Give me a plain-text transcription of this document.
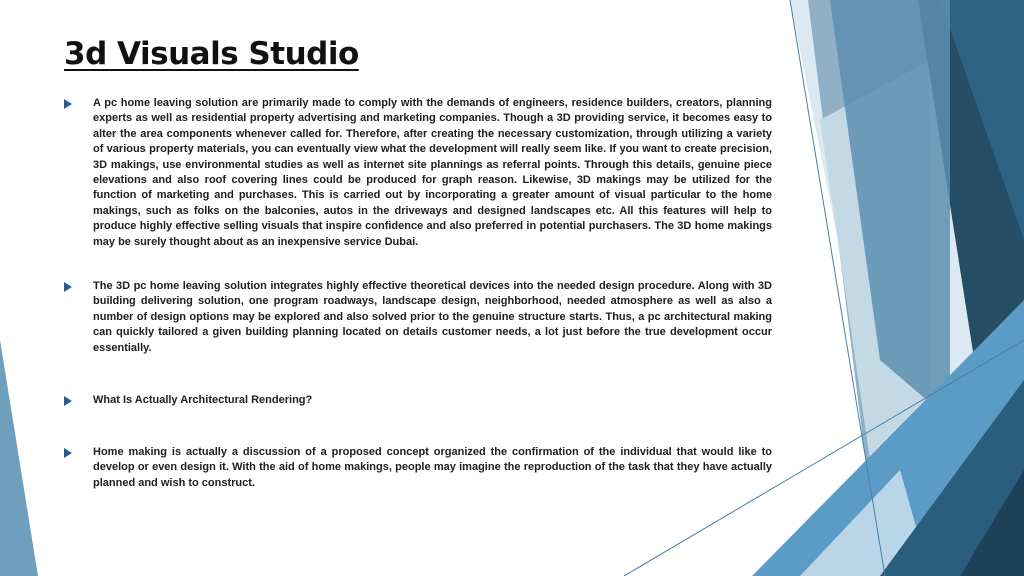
3d Visuals Studio
A pc home leaving solution are primarily made to comply with the demands of engineers, residence builders, creators, planning experts as well as residential property advertising and marketing companies. Though a 3D providing service, it becomes easy to alter the area components whenever called for. Therefore, after creating the necessary customization, through utilizing a variety of various property materials, you can eventually view what the development will really seem like. If you want to create precision, 3D makings, use environmental studies as well as internet site plannings as referral points. Through this details, genuine piece elevations and also roof covering lines could be produced for graph reason. Likewise, 3D makings may be utilized for the function of marketing and purchases. This is carried out by incorporating a greater amount of visual particular to the home makings, such as folks on the balconies, autos in the driveways and designed landscapes etc. All this features will help to produce highly effective selling visuals that inspire confidence and also preferred in potential purchasers. The 3D home makings may be surely thought about as an inexpensive service Dubai.
The 3D pc home leaving solution integrates highly effective theoretical devices into the needed design procedure. Along with 3D building delivering solution, one program roadways, landscape design, neighborhood, needed atmosphere as well as also a number of design options may be explored and also solved prior to the genuine structure starts. Thus, a pc architectural making can quickly tailored a given building planning located on details customer needs, a lot just before the true development occur essentially.
What Is Actually Architectural Rendering?
Home making is actually a discussion of a proposed concept organized the confirmation of the individual that would like to develop or even design it. With the aid of home makings, people may imagine the reproduction of the task that they have actually planned and wish to construct.
